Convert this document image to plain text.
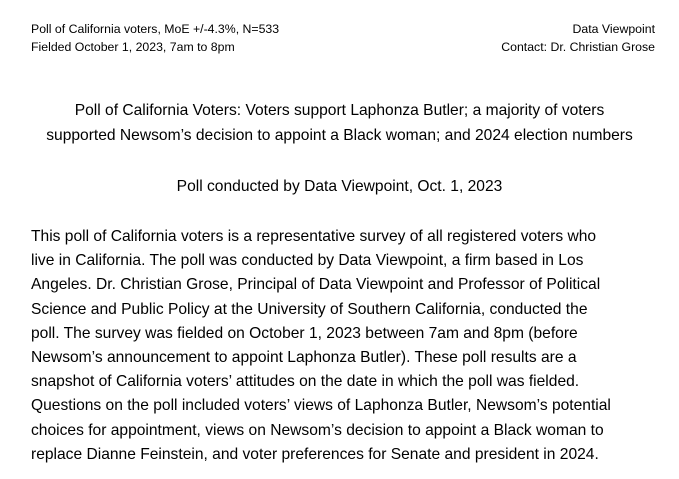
Poll of California voters, MoE +/-4.3%, N=533
Fielded October 1, 2023, 7am to 8pm
Data Viewpoint
Contact: Dr. Christian Grose
Poll of California Voters: Voters support Laphonza Butler; a majority of voters
supported Newsom’s decision to appoint a Black woman; and 2024 election numbers
Poll conducted by Data Viewpoint, Oct. 1, 2023
This poll of California voters is a representative survey of all registered voters who
live in California. The poll was conducted by Data Viewpoint, a firm based in Los
Angeles. Dr. Christian Grose, Principal of Data Viewpoint and Professor of Political
Science and Public Policy at the University of Southern California, conducted the
poll. The survey was fielded on October 1, 2023 between 7am and 8pm (before
Newsom’s announcement to appoint Laphonza Butler). These poll results are a
snapshot of California voters’ attitudes on the date in which the poll was fielded.
Questions on the poll included voters’ views of Laphonza Butler, Newsom’s potential
choices for appointment, views on Newsom’s decision to appoint a Black woman to
replace Dianne Feinstein, and voter preferences for Senate and president in 2024.
